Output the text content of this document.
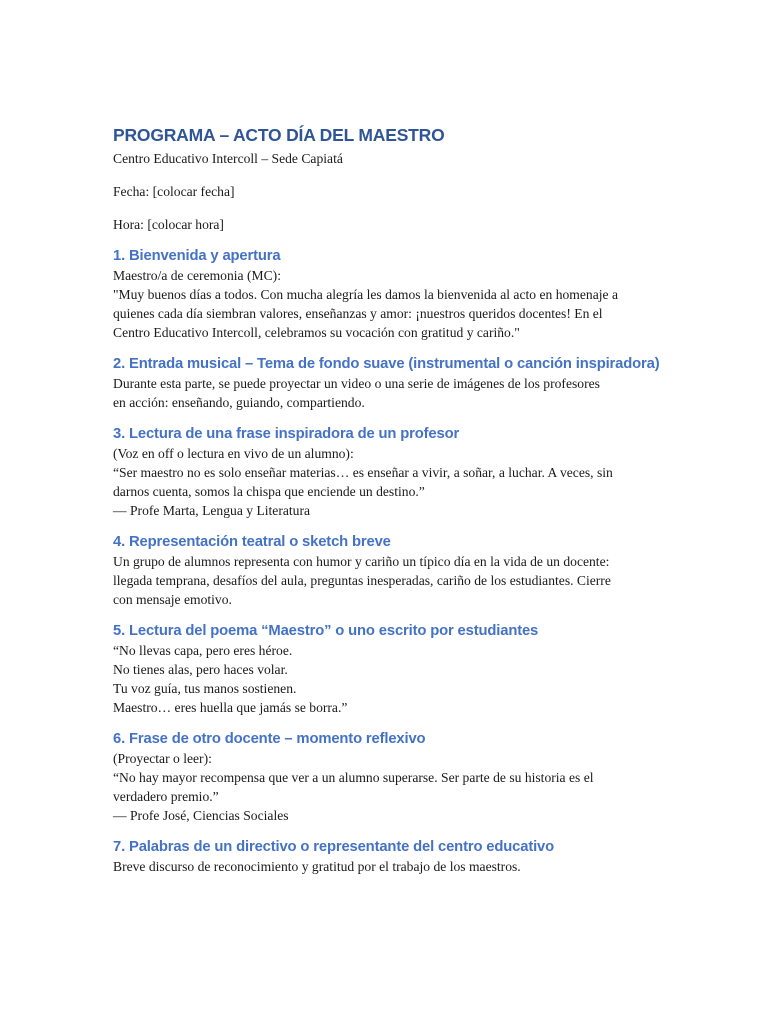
PROGRAMA – ACTO DÍA DEL MAESTRO

Centro Educativo Intercoll – Sede Capiatá

Fecha: [colocar fecha]

Hora: [colocar hora]

1. Bienvenida y apertura

Maestro/a de ceremonia (MC):

"Muy buenos días a todos. Con mucha alegría les damos la bienvenida al acto en homenaje a

quienes cada día siembran valores, enseñanzas y amor: ¡nuestros queridos docentes! En el

Centro Educativo Intercoll, celebramos su vocación con gratitud y cariño."

2. Entrada musical – Tema de fondo suave (instrumental o canción inspiradora)

Durante esta parte, se puede proyectar un video o una serie de imágenes de los profesores

en acción: enseñando, guiando, compartiendo.

3. Lectura de una frase inspiradora de un profesor

(Voz en off o lectura en vivo de un alumno):

“Ser maestro no es solo enseñar materias… es enseñar a vivir, a soñar, a luchar. A veces, sin

darnos cuenta, somos la chispa que enciende un destino.”

— Profe Marta, Lengua y Literatura

4. Representación teatral o sketch breve

Un grupo de alumnos representa con humor y cariño un típico día en la vida de un docente:

llegada temprana, desafíos del aula, preguntas inesperadas, cariño de los estudiantes. Cierre

con mensaje emotivo.

5. Lectura del poema “Maestro” o uno escrito por estudiantes

“No llevas capa, pero eres héroe.

No tienes alas, pero haces volar.

Tu voz guía, tus manos sostienen.

Maestro… eres huella que jamás se borra.”

6. Frase de otro docente – momento reflexivo

(Proyectar o leer):

“No hay mayor recompensa que ver a un alumno superarse. Ser parte de su historia es el

verdadero premio.”

— Profe José, Ciencias Sociales

7. Palabras de un directivo o representante del centro educativo

Breve discurso de reconocimiento y gratitud por el trabajo de los maestros.
